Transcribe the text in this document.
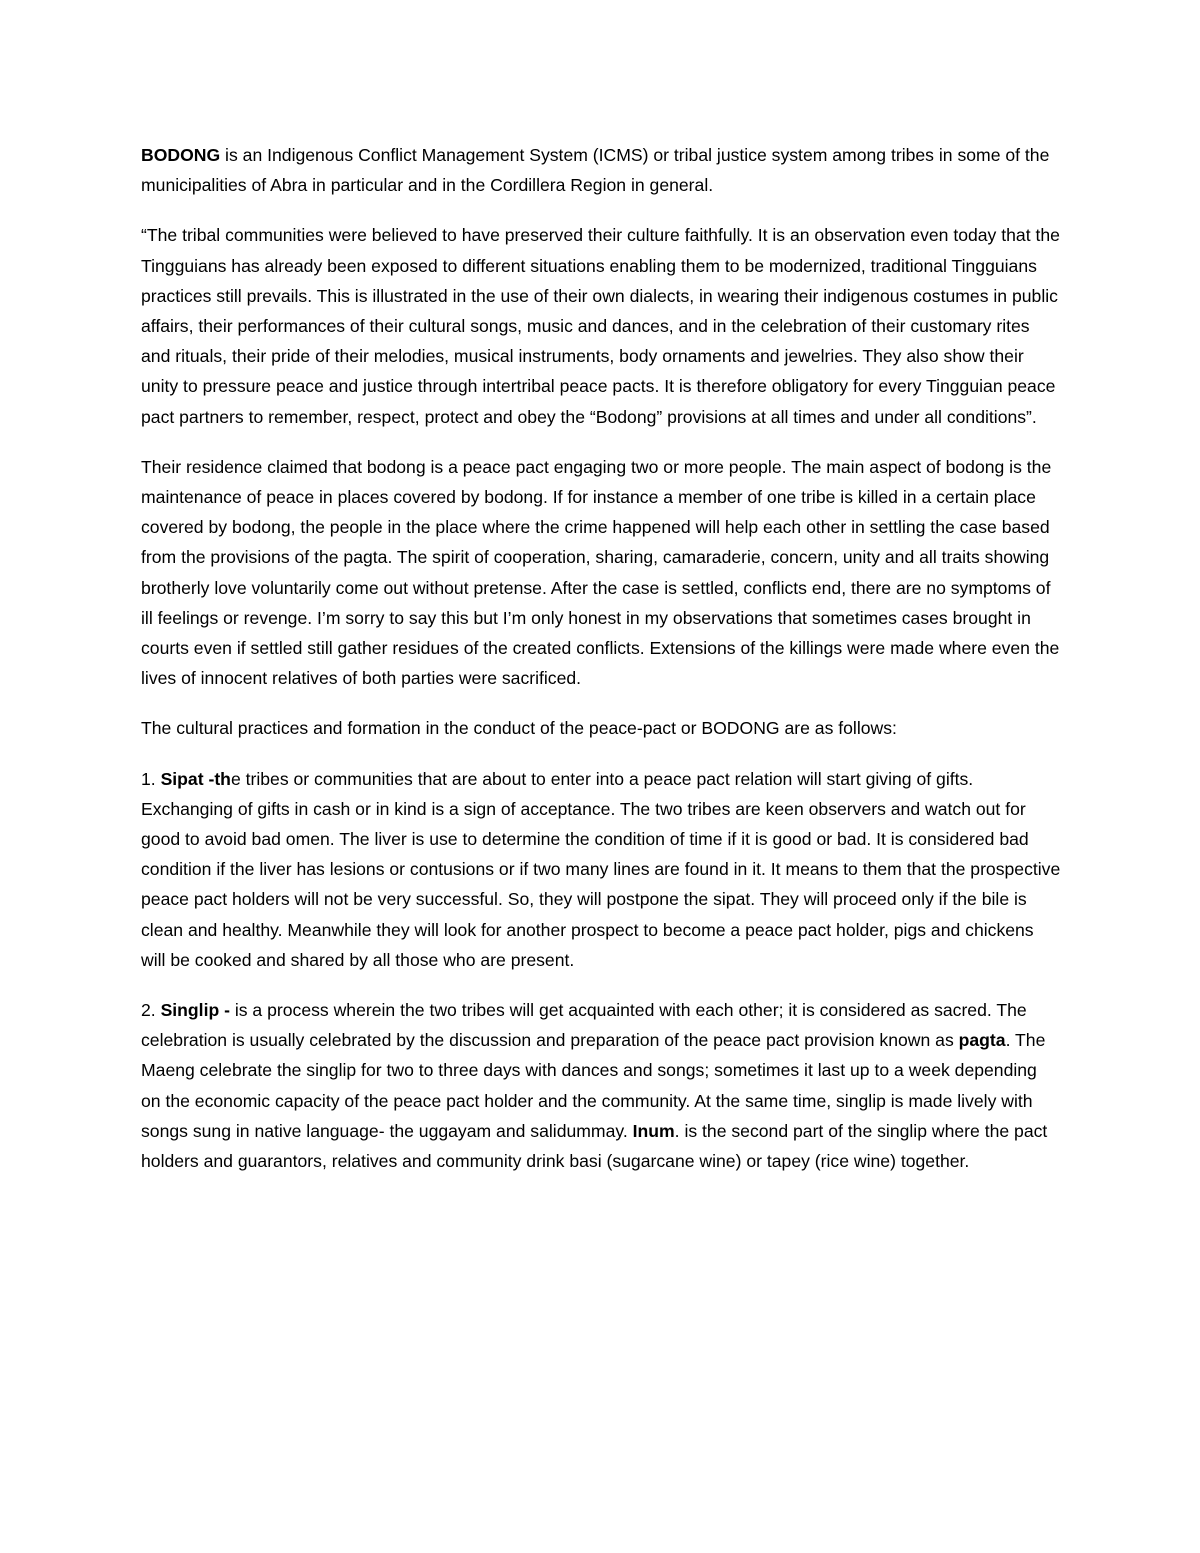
BODONG is an Indigenous Conflict Management System (ICMS) or tribal justice system among tribes in some of the municipalities of Abra in particular and in the Cordillera Region in general.

“The tribal communities were believed to have preserved their culture faithfully. It is an observation even today that the Tingguians has already been exposed to different situations enabling them to be modernized, traditional Tingguians practices still prevails. This is illustrated in the use of their own dialects, in wearing their indigenous costumes in public affairs, their performances of their cultural songs, music and dances, and in the celebration of their customary rites and rituals, their pride of their melodies, musical instruments, body ornaments and jewelries. They also show their unity to pressure peace and justice through intertribal peace pacts. It is therefore obligatory for every Tingguian peace pact partners to remember, respect, protect and obey the “Bodong” provisions at all times and under all conditions”.

Their residence claimed that bodong is a peace pact engaging two or more people. The main aspect of bodong is the maintenance of peace in places covered by bodong. If for instance a member of one tribe is killed in a certain place covered by bodong, the people in the place where the crime happened will help each other in settling the case based from the provisions of the pagta. The spirit of cooperation, sharing, camaraderie, concern, unity and all traits showing brotherly love voluntarily come out without pretense. After the case is settled, conflicts end, there are no symptoms of ill feelings or revenge. I’m sorry to say this but I’m only honest in my observations that sometimes cases brought in courts even if settled still gather residues of the created conflicts. Extensions of the killings were made where even the lives of innocent relatives of both parties were sacrificed.

The cultural practices and formation in the conduct of the peace-pact or BODONG are as follows:

1. Sipat -the tribes or communities that are about to enter into a peace pact relation will start giving of gifts. Exchanging of gifts in cash or in kind is a sign of acceptance. The two tribes are keen observers and watch out for good to avoid bad omen. The liver is use to determine the condition of time if it is good or bad. It is considered bad condition if the liver has lesions or contusions or if two many lines are found in it. It means to them that the prospective peace pact holders will not be very successful. So, they will postpone the sipat. They will proceed only if the bile is clean and healthy. Meanwhile they will look for another prospect to become a peace pact holder, pigs and chickens will be cooked and shared by all those who are present.

2. Singlip - is a process wherein the two tribes will get acquainted with each other; it is considered as sacred. The celebration is usually celebrated by the discussion and preparation of the peace pact provision known as pagta. The Maeng celebrate the singlip for two to three days with dances and songs; sometimes it last up to a week depending on the economic capacity of the peace pact holder and the community. At the same time, singlip is made lively with songs sung in native language- the uggayam and salidummay. Inum. is the second part of the singlip where the pact holders and guarantors, relatives and community drink basi (sugarcane wine) or tapey (rice wine) together.
